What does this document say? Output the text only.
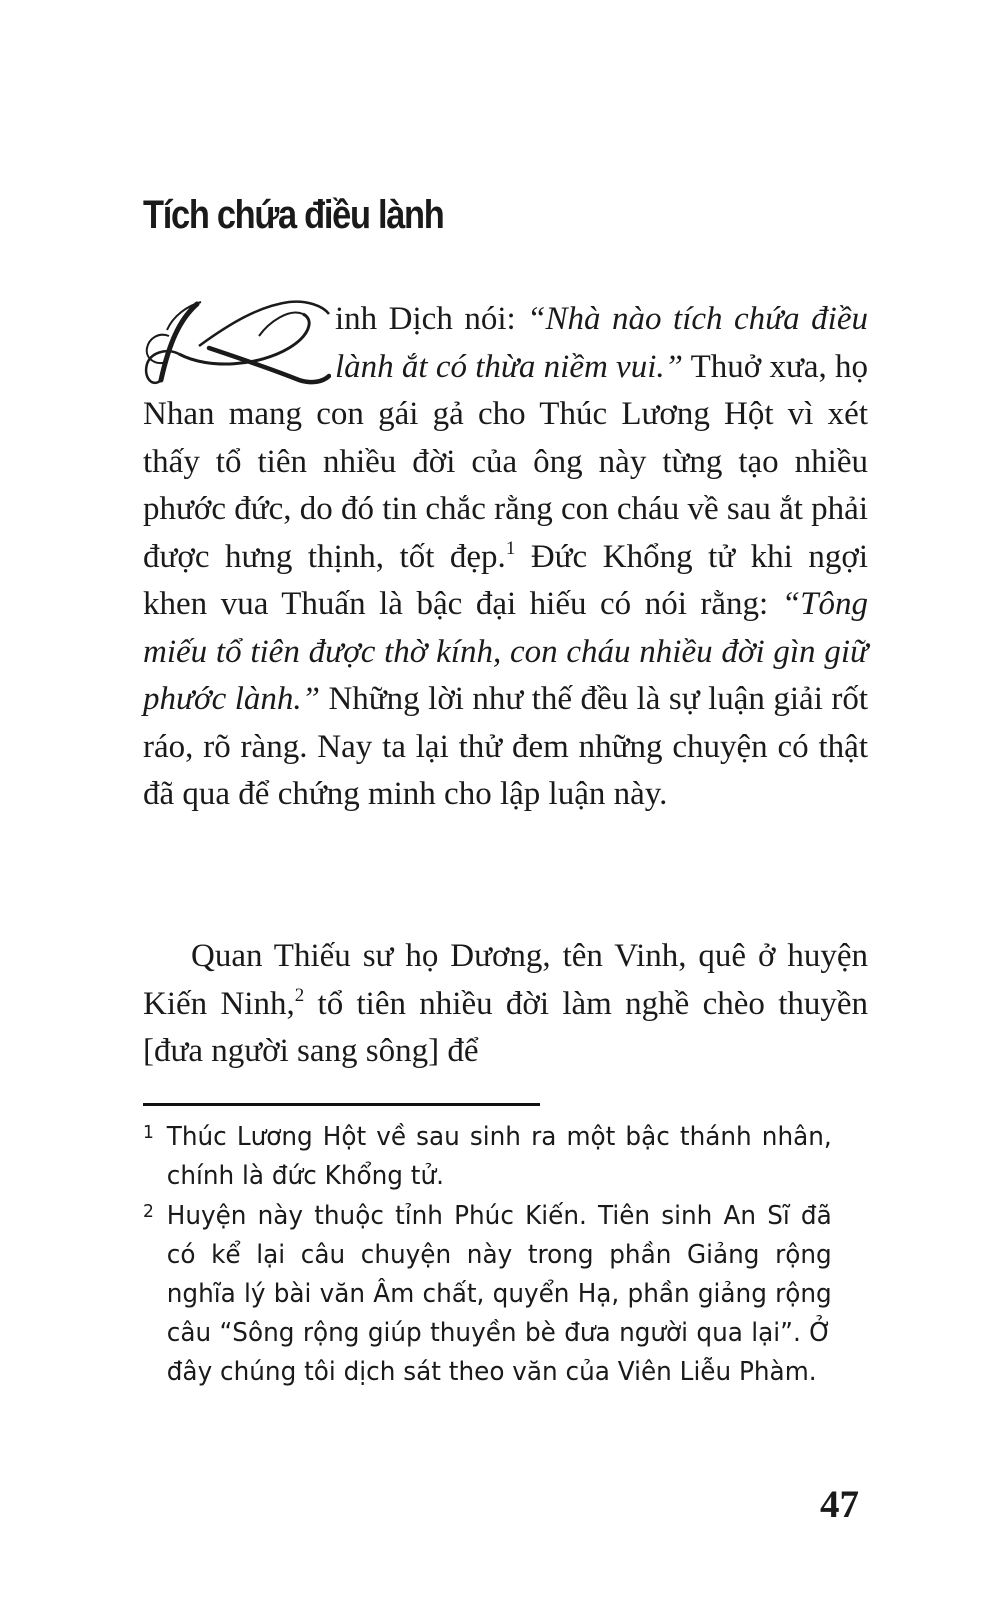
Tích chứa điều lành

K
inh Dịch nói: “Nhà nào tích chứa điều lành ắt có thừa niềm vui.” Thuở xưa, họ Nhan mang con gái gả cho Thúc Lương Hột vì xét thấy tổ tiên nhiều đời của ông này từng tạo nhiều phước đức, do đó tin chắc rằng con cháu về sau ắt phải được hưng thịnh, tốt đẹp.$^1$ Đức Khổng tử khi ngợi khen vua Thuấn là bậc đại hiếu có nói rằng: “Tông miếu tổ tiên được thờ kính, con cháu nhiều đời gìn giữ phước lành.” Những lời như thế đều là sự luận giải rốt ráo, rõ ràng. Nay ta lại thử đem những chuyện có thật đã qua để chứng minh cho lập luận này.

Quan Thiếu sư họ Dương, tên Vinh, quê ở huyện Kiến Ninh,$^2$ tổ tiên nhiều đời làm nghề chèo thuyền [đưa người sang sông] để

1 Thúc Lương Hột về sau sinh ra một bậc thánh nhân, chính là đức Khổng tử.
2 Huyện này thuộc tỉnh Phúc Kiến. Tiên sinh An Sĩ đã có kể lại câu chuyện này trong phần Giảng rộng nghĩa lý bài văn Âm chất, quyển Hạ, phần giảng rộng câu “Sông rộng giúp thuyền bè đưa người qua lại”. Ở đây chúng tôi dịch sát theo văn của Viên Liễu Phàm.
47
